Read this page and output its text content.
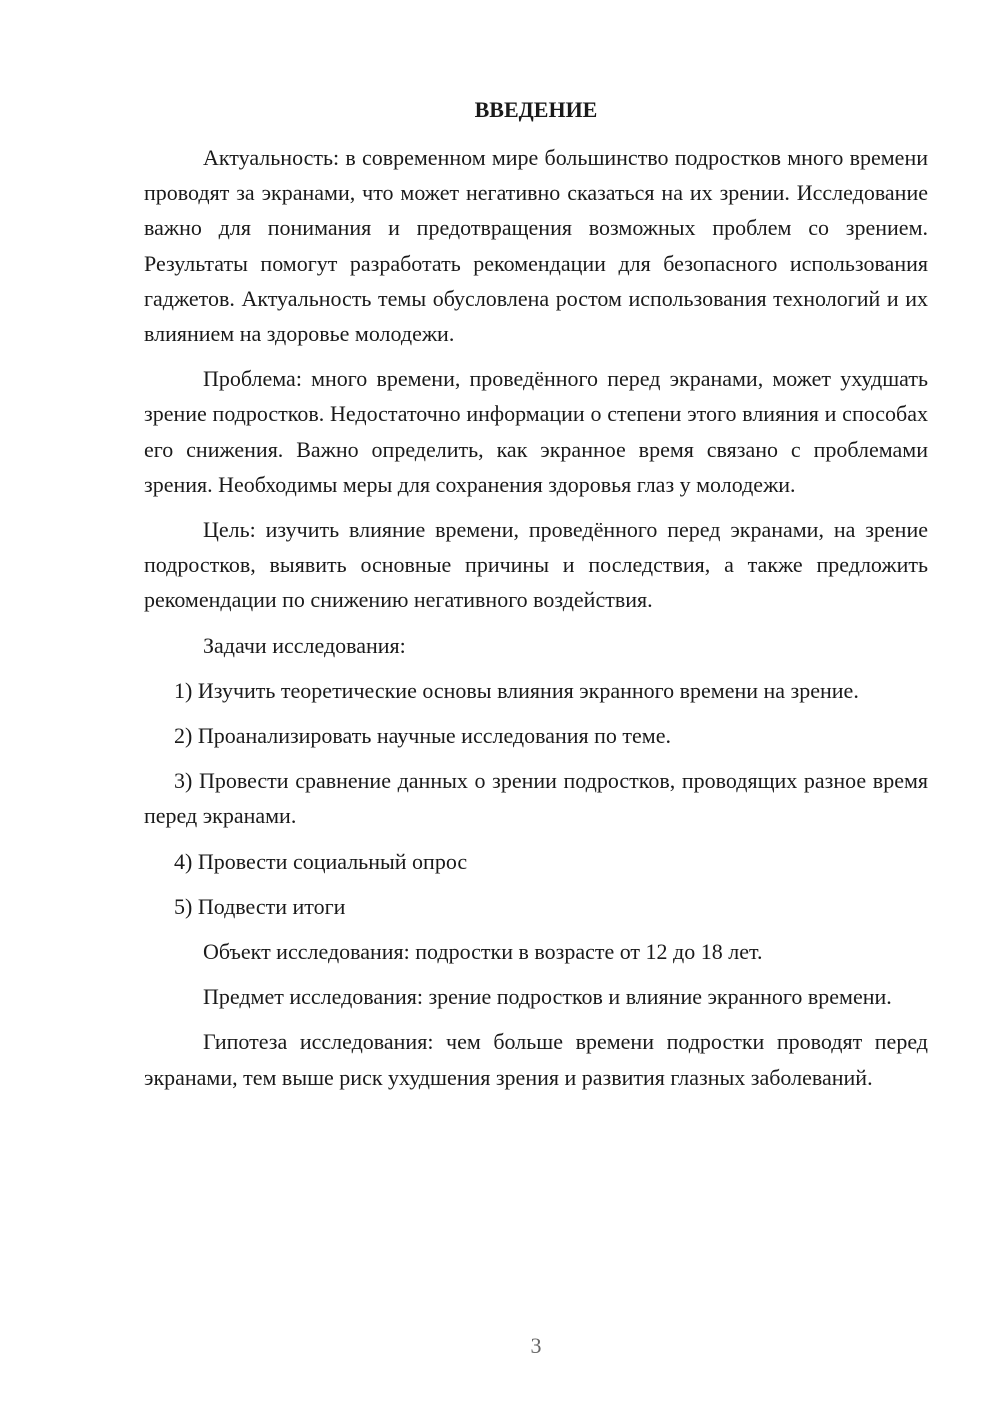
ВВЕДЕНИЕ

Актуальность: в современном мире большинство подростков много времени проводят за экранами, что может негативно сказаться на их зрении. Исследование важно для понимания и предотвращения возможных проблем со зрением. Результаты помогут разработать рекомендации для безопасного использования гаджетов. Актуальность темы обусловлена ростом использования технологий и их влиянием на здоровье молодежи.

Проблема: много времени, проведённого перед экранами, может ухудшать зрение подростков. Недостаточно информации о степени этого влияния и способах его снижения. Важно определить, как экранное время связано с проблемами зрения. Необходимы меры для сохранения здоровья глаз у молодежи.

Цель: изучить влияние времени, проведённого перед экранами, на зрение подростков, выявить основные причины и последствия, а также предложить рекомендации по снижению негативного воздействия.

Задачи исследования:

1) Изучить теоретические основы влияния экранного времени на зрение.

2) Проанализировать научные исследования по теме.

3) Провести сравнение данных о зрении подростков, проводящих разное время перед экранами.

4) Провести социальный опрос

5) Подвести итоги

Объект исследования: подростки в возрасте от 12 до 18 лет.

Предмет исследования: зрение подростков и влияние экранного времени.

Гипотеза исследования: чем больше времени подростки проводят перед экранами, тем выше риск ухудшения зрения и развития глазных заболеваний.

3
